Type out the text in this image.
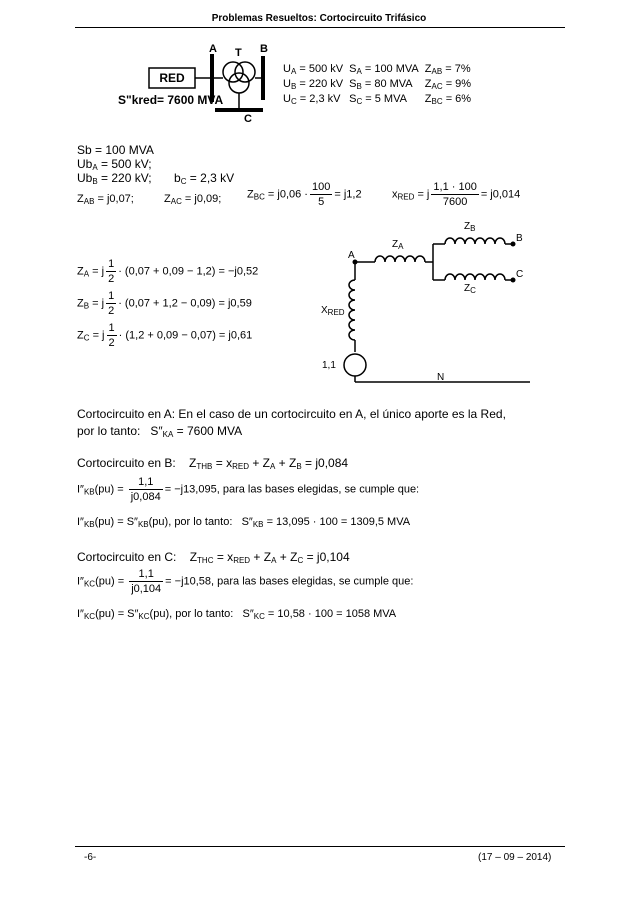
Problemas Resueltos: Cortocircuito Trifásico
A T B
C
RED
S"kred= 7600 MVA
$U_A = 500$ kV	$S_A = 100$ MVA	$Z_{AB} = 7\%$
$U_B = 220$ kV	$S_B = 80$ MVA	$Z_{AC} = 9\%$
$U_C = 2,3$ kV	$S_C = 5$ MVA	$Z_{BC} = 6\%$
Sb = 100 MVA
$Ub_A = 500$ kV;
$Ub_B = 220$ kV; $b_C = 2,3$ kV
$Z_{AB} = j0,07$;	$Z_{AC} = j0,09$; $Z_{BC} = j0,06 \cdot \frac{100}{5} = j1,2$	$x_{RED} = j \frac{1,1 \cdot 100}{7600} = j0,014$
$Z_A = j \frac{1}{2} \cdot (0,07 + 0,09 - 1,2) = -j0,52$
$Z_B = j \frac{1}{2} \cdot (0,07 + 1,2 - 0,09) = j0,59$
$Z_C = j \frac{1}{2} \cdot (1,2 + 0,09 - 0,07) = j0,61$
A
$Z_A$
$Z_B$
$Z_C$
B
C
$X_{RED}$
1,1
N
Cortocircuito en A: En el caso de un cortocircuito en A, el único aporte es la Red,
por lo tanto:   $S''_{KA} = 7600$ MVA
Cortocircuito en B:    $Z_{THB} = x_{RED} + Z_A + Z_B = j0,084$
$I''_{KB}(pu) = \frac{1,1}{j0,084} = -j13,095$, para las bases elegidas, se cumple que:
$I''_{KB}(pu) = S''_{KB}(pu)$, por lo tanto:   $S''_{KB} = 13,095 \cdot 100 = 1309,5$ MVA
Cortocircuito en C:    $Z_{THC} = x_{RED} + Z_A + Z_C = j0,104$
$I''_{KC}(pu) = \frac{1,1}{j0,104} = -j10,58$, para las bases elegidas, se cumple que:
$I''_{KC}(pu) = S''_{KC}(pu)$, por lo tanto:   $S''_{KC} = 10,58 \cdot 100 = 1058$ MVA
-6-	(17 – 09 – 2014)
